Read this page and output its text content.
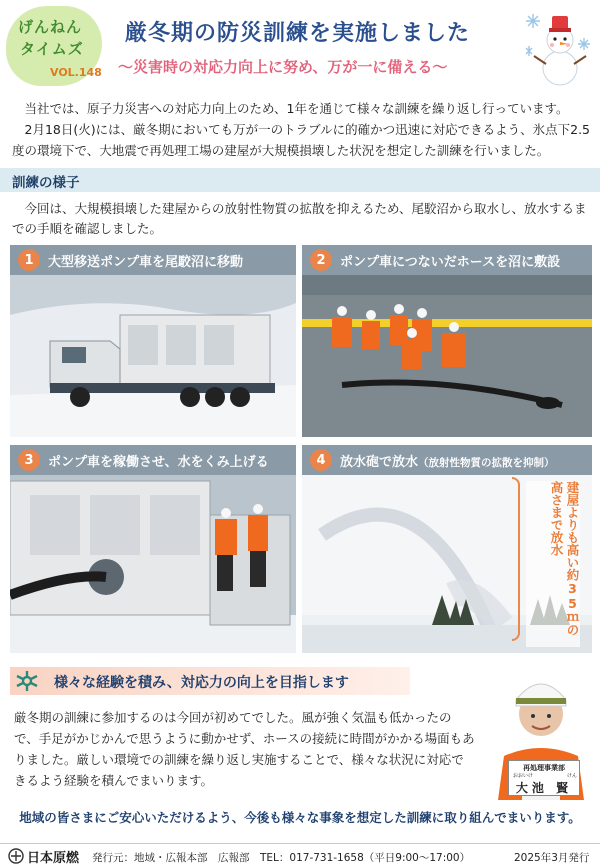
げんねん
タイムズ
VOL.148
厳冬期の防災訓練を実施しました
～災害時の対応力向上に努め、万が一に備える～

当社では、原子力災害への対応力向上のため、1年を通じて様々な訓練を繰り返し行っています。

2月18日(火)には、厳冬期においても万が一のトラブルに的確かつ迅速に対応できるよう、氷点下2.5度の環境下で、大地震で再処理工場の建屋が大規模損壊した状況を想定した訓練を行いました。

訓練の様子
今回は、大規模損壊した建屋からの放射性物質の拡散を抑えるため、尾駮沼から取水し、放水するまでの手順を確認しました。
1	大型移送ポンプ車を尾駮沼に移動	2	ポンプ車につないだホースを沼に敷設
3	ポンプ車を稼働させ、水をくみ上げる	4	放水砲で放水（放射性物質の拡散を抑制）
建屋よりも高い約35ｍの高さまで放水
様々な経験を積み、対応力の向上を目指します
厳冬期の訓練に参加するのは今回が初めてでした。風が強く気温も低かったので、手足がかじかんで思うように動かせず、ホースの接続に時間がかかる場面もありました。厳しい環境での訓練を繰り返し実施することで、様々な状況に対応できるよう経験を積んでまいります。
再処理事業部
おおいけ	けん
大池 賢
地域の皆さまにご安心いただけるよう、今後も様々な事象を想定した訓練に取り組んでまいります。
日本原燃 発行元：地域・広報本部　広報部　TEL：017-731-1658（平日9:00～17:00）	2025年3月発行
